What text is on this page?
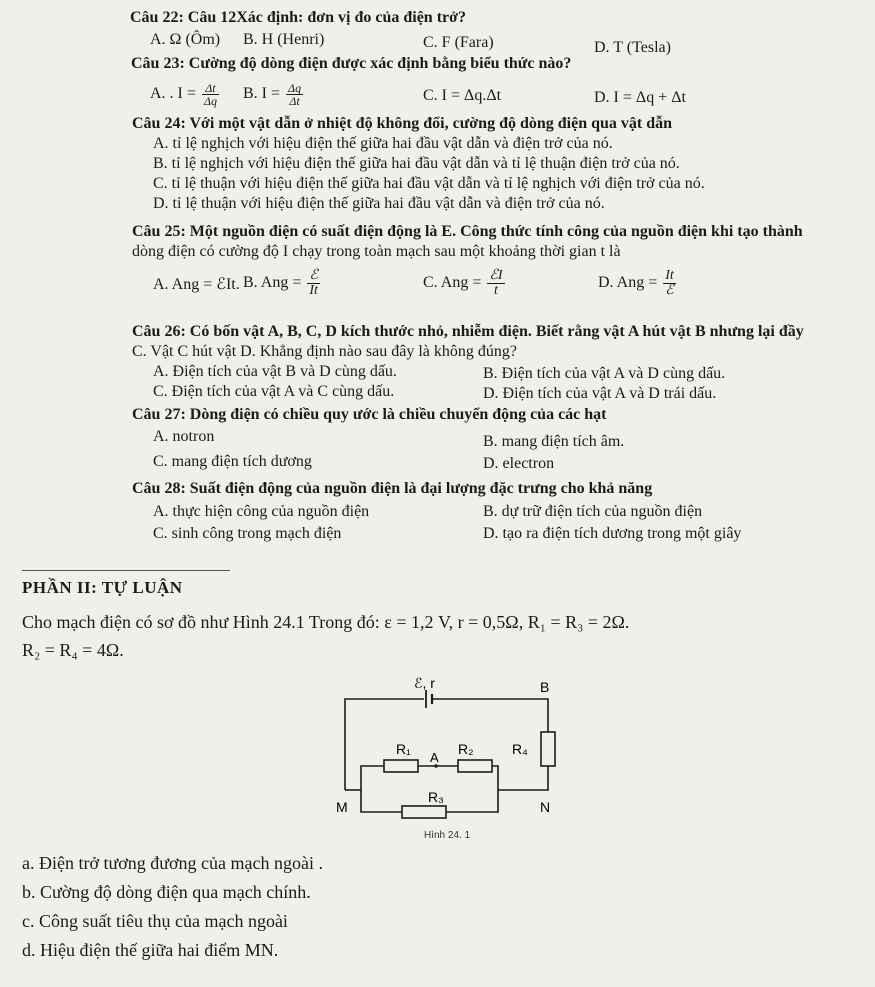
Câu 22: Câu 12Xác định: đơn vị đo của điện trở?
A. Ω (Ôm) B. H (Henri)	C. F (Fara)	D. T (Tesla)
Câu 23: Cường độ dòng điện được xác định bằng biểu thức nào?
A. . $I = \frac{\Delta t}{\Delta q} B$. $I = \frac{\Delta q}{\Delta t}$	C. I = Δq.Δt	D. I = Δq + Δt
Câu 24: Với một vật dẫn ở nhiệt độ không đổi, cường độ dòng điện qua vật dẫn
A. tỉ lệ nghịch với hiệu điện thế giữa hai đầu vật dẫn và điện trở của nó.
B. tỉ lệ nghịch với hiệu điện thế giữa hai đầu vật dẫn và tỉ lệ thuận điện trở của nó.
C. tỉ lệ thuận với hiệu điện thế giữa hai đầu vật dẫn và tỉ lệ nghịch với điện trở của nó.
D. tỉ lệ thuận với hiệu điện thế giữa hai đầu vật dẫn và điện trở của nó.
Câu 25: Một nguồn điện có suất điện động là E. Công thức tính công của nguồn điện khi tạo thành
dòng điện có cường độ I chạy trong toàn mạch sau một khoảng thời gian t là
A. Ang = ℰIt. B. Ang = $\frac{\text{ℰ}}{It}$	C. Ang = $\frac{\text{ℰI}}{t}$	D. Ang = $\frac{It}{\text{ℰ}}$
Câu 26: Có bốn vật A, B, C, D kích thước nhỏ, nhiễm điện. Biết rằng vật A hút vật B nhưng lại đầy
C. Vật C hút vật D. Khẳng định nào sau đây là không đúng?
A. Điện tích của vật B và D cùng dấu.	B. Điện tích của vật A và D cùng dấu.
C. Điện tích của vật A và C cùng dấu.	D. Điện tích của vật A và D trái dấu.
Câu 27: Dòng điện có chiều quy ước là chiều chuyển động của các hạt
A. notron	B. mang điện tích âm.
C. mang điện tích dương	D. electron
Câu 28: Suất điện động của nguồn điện là đại lượng đặc trưng cho khả năng
A. thực hiện công của nguồn điện	B. dự trữ điện tích của nguồn điện
C. sinh công trong mạch điện	D. tạo ra điện tích dương trong một giây
PHẦN II: TỰ LUẬN
Cho mạch điện có sơ đồ như Hình 24.1 Trong đó: ε = 1,2 V, r = 0,5Ω, R₁ = R₃ = 2Ω.
R₂ = R₄ = 4Ω.
ℰ, r	B
R₁
A
R₂	R₄
R₃
M	N
Hình 24. 1
a. Điện trở tương đương của mạch ngoài .
b. Cường độ dòng điện qua mạch chính.
c. Công suất tiêu thụ của mạch ngoài
d. Hiệu điện thế giữa hai điểm MN.
